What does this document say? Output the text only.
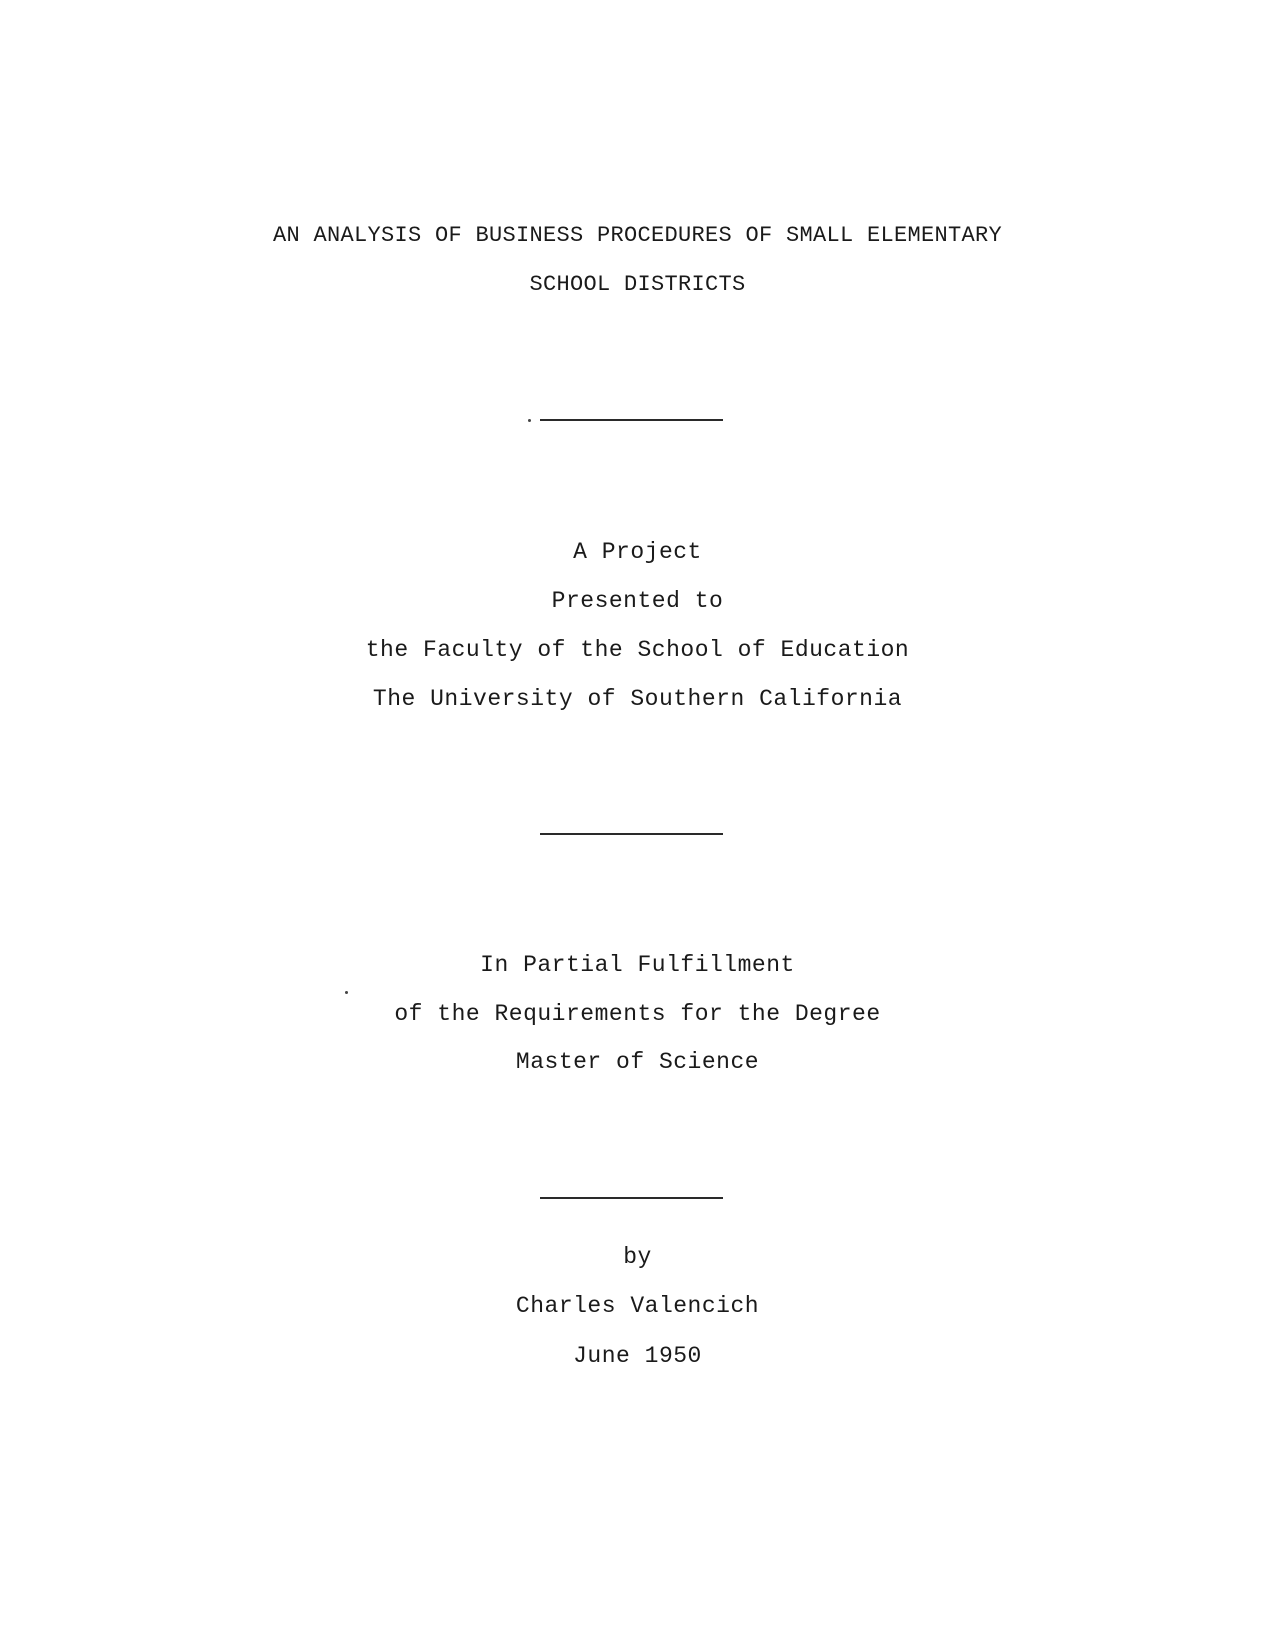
AN ANALYSIS OF BUSINESS PROCEDURES OF SMALL ELEMENTARY
SCHOOL DISTRICTS
A Project
Presented to
the Faculty of the School of Education
The University of Southern California
In Partial Fulfillment
of the Requirements for the Degree
Master of Science
by
Charles Valencich
June 1950
